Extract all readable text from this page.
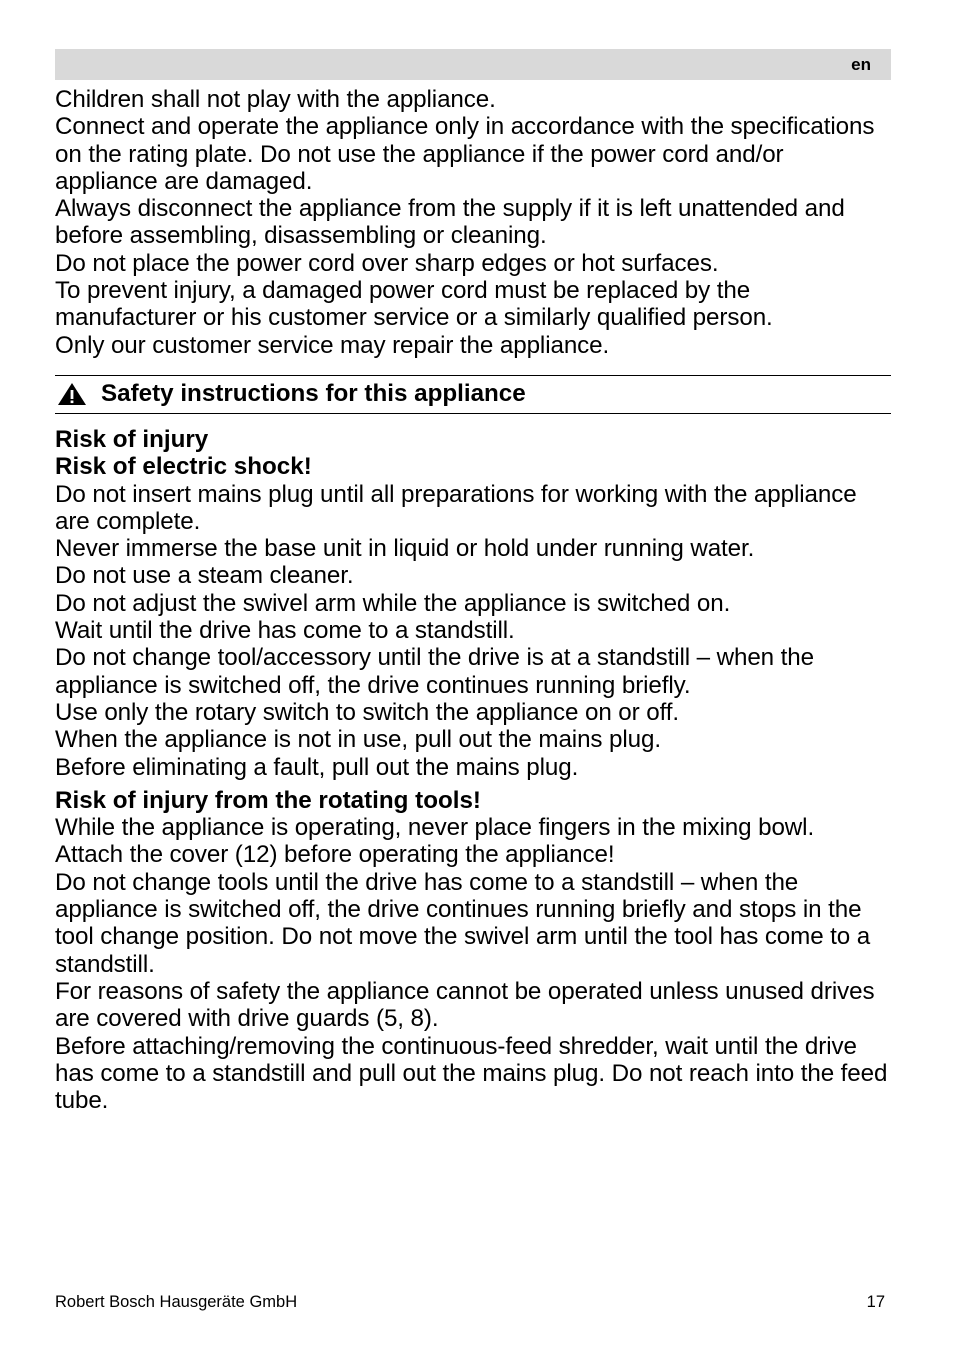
en

Children shall not play with the appliance.

Connect and operate the appliance only in accordance with the specifications on the rating plate. Do not use the appliance if the power cord and/or appliance are damaged.

Always disconnect the appliance from the supply if it is left unattended and before assembling, disassembling or cleaning.

Do not place the power cord over sharp edges or hot surfaces.

To prevent injury, a damaged power cord must be replaced by the manufacturer or his customer service or a similarly qualified person.

Only our customer service may repair the appliance.

Safety instructions for this appliance

Risk of injury

Risk of electric shock!

Do not insert mains plug until all preparations for working with the appliance are complete.

Never immerse the base unit in liquid or hold under running water.

Do not use a steam cleaner.

Do not adjust the swivel arm while the appliance is switched on.

Wait until the drive has come to a standstill.

Do not change tool/accessory until the drive is at a standstill – when the appliance is switched off, the drive continues running briefly.

Use only the rotary switch to switch the appliance on or off.

When the appliance is not in use, pull out the mains plug.

Before eliminating a fault, pull out the mains plug.

Risk of injury from the rotating tools!

While the appliance is operating, never place fingers in the mixing bowl.

Attach the cover (12) before operating the appliance!

Do not change tools until the drive has come to a standstill – when the appliance is switched off, the drive continues running briefly and stops in the tool change position. Do not move the swivel arm until the tool has come to a standstill.

For reasons of safety the appliance cannot be operated unless unused drives are covered with drive guards (5, 8).

Before attaching/removing the continuous-feed shredder, wait until the drive has come to a standstill and pull out the mains plug. Do not reach into the feed tube.

Robert Bosch Hausgeräte GmbH	17
